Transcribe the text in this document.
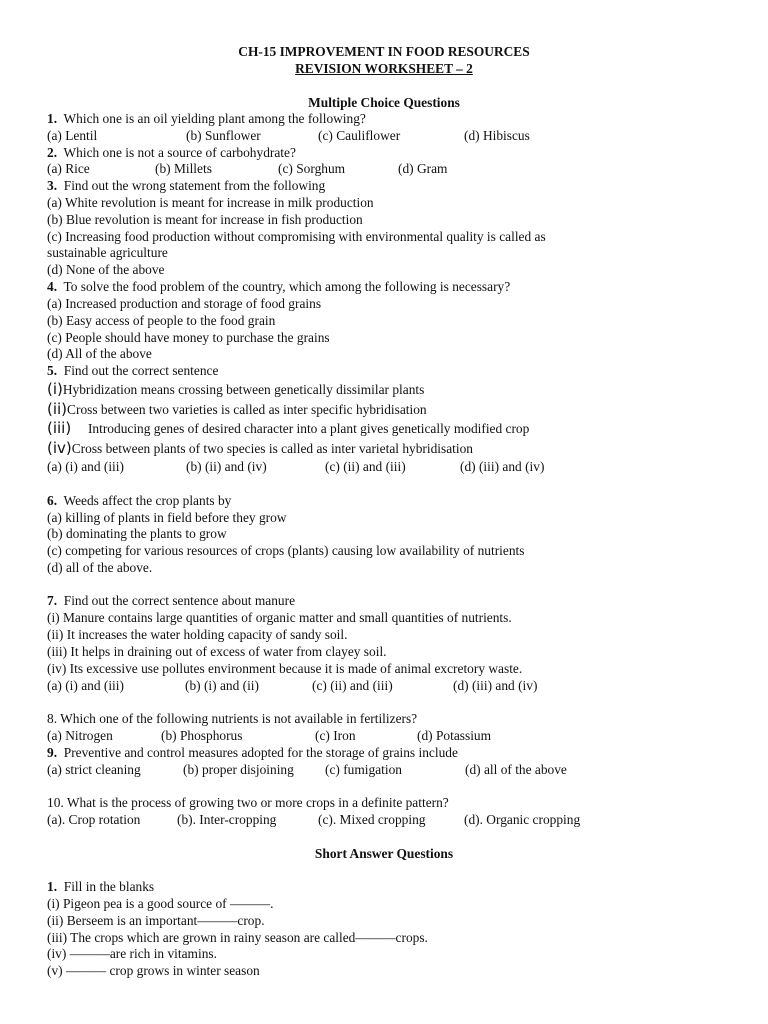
CH-15 IMPROVEMENT IN FOOD RESOURCES
REVISION WORKSHEET – 2
Multiple Choice Questions
1. Which one is an oil yielding plant among the following?
(a) Lentil	(b) Sunflower	(c) Cauliflower	(d) Hibiscus
2. Which one is not a source of carbohydrate?
(a) Rice	(b) Millets	(c) Sorghum	(d) Gram
3. Find out the wrong statement from the following
(a) White revolution is meant for increase in milk production
(b) Blue revolution is meant for increase in fish production
(c) Increasing food production without compromising with environmental quality is called as
sustainable agriculture
(d) None of the above
4. To solve the food problem of the country, which among the following is necessary?
(a) Increased production and storage of food grains
(b) Easy access of people to the food grain
(c) People should have money to purchase the grains
(d) All of the above
5. Find out the correct sentence
(i)Hybridization means crossing between genetically dissimilar plants
(ii)Cross between two varieties is called as inter specific hybridisation
(iii) Introducing genes of desired character into a plant gives genetically modified crop
(iv)Cross between plants of two species is called as inter varietal hybridisation
(a) (i) and (iii)	(b) (ii) and (iv)	(c) (ii) and (iii)	(d) (iii) and (iv)
6. Weeds affect the crop plants by
(a) killing of plants in field before they grow
(b) dominating the plants to grow
(c) competing for various resources of crops (plants) causing low availability of nutrients
(d) all of the above.
7. Find out the correct sentence about manure
(i) Manure contains large quantities of organic matter and small quantities of nutrients.
(ii) It increases the water holding capacity of sandy soil.
(iii) It helps in draining out of excess of water from clayey soil.
(iv) Its excessive use pollutes environment because it is made of animal excretory waste.
(a) (i) and (iii)	(b) (i) and (ii)	(c) (ii) and (iii)	(d) (iii) and (iv)
8. Which one of the following nutrients is not available in fertilizers?
(a) Nitrogen	(b) Phosphorus	(c) Iron	(d) Potassium
9. Preventive and control measures adopted for the storage of grains include
(a) strict cleaning	(b) proper disjoining (c) fumigation	(d) all of the above
10. What is the process of growing two or more crops in a definite pattern?
(a). Crop rotation	(b). Inter-cropping	(c). Mixed cropping	(d). Organic cropping
Short Answer Questions
1. Fill in the blanks
(i) Pigeon pea is a good source of ———.
(ii) Berseem is an important———crop.
(iii) The crops which are grown in rainy season are called———crops.
(iv) ———are rich in vitamins.
(v) ——— crop grows in winter season
